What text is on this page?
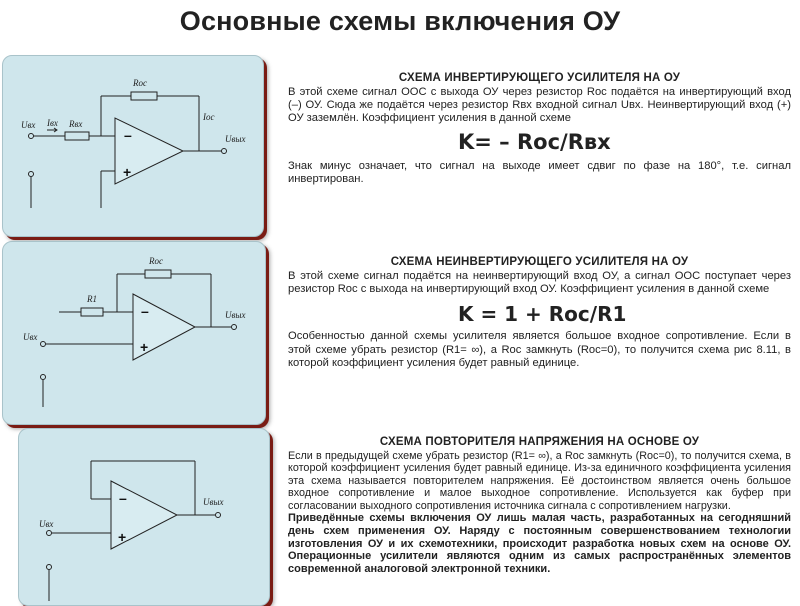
Основные схемы включения ОУ
–
+
Rос
Rвх
Uвх Iвх
Iос
Uвых
СХЕМА ИНВЕРТИРУЮЩЕГО УСИЛИТЕЛЯ НА ОУ
В этой схеме сигнал ООС с выхода ОУ через резистор Rос подаётся на инвертирующий вход (–) ОУ. Сюда же подаётся через резистор Rвх входной сигнал Uвх. Неинвертирующий вход (+) ОУ заземлён. Коэффициент усиления в данной схеме
K= – Rос/Rвх
Знак минус означает, что сигнал на выходе имеет сдвиг по фазе на 180°, т.е. сигнал инвертирован.
–
+
Rос
R1
Uвх
Uвых
СХЕМА НЕИНВЕРТИРУЮЩЕГО УСИЛИТЕЛЯ НА ОУ
В этой схеме сигнал подаётся на неинвертирующий вход ОУ, а сигнал ООС поступает через резистор Rос с выхода на инвертирующий вход ОУ. Коэффициент усиления в данной схеме
K = 1 + Rос/R1
Особенностью данной схемы усилителя является большое входное сопротивление. Если в этой схеме убрать резистор (R1= ∞), а Rос замкнуть (Rос=0), то получится схема рис 8.11, в которой коэффициент усиления будет равный единице.
–
+
Uвх
Uвых
СХЕМА ПОВТОРИТЕЛЯ НАПРЯЖЕНИЯ НА ОСНОВЕ ОУ
Если в предыдущей схеме убрать резистор (R1= ∞), а Rос замкнуть (Rос=0), то получится схема, в которой коэффициент усиления будет равный единице. Из-за единичного коэффициента усиления эта схема называется повторителем напряжения. Её достоинством является очень большое входное сопротивление и малое выходное сопротивление. Используется как буфер при согласовании выходного сопротивления источника сигнала с сопротивлением нагрузки.
Приведённые схемы включения ОУ лишь малая часть, разработанных на сегодняшний день схем применения ОУ. Наряду с постоянным совершенствованием технологии изготовления ОУ и их схемотехники, происходит разработка новых схем на основе ОУ. Операционные усилители являются одним из самых распространённых элементов современной аналоговой электронной техники.
